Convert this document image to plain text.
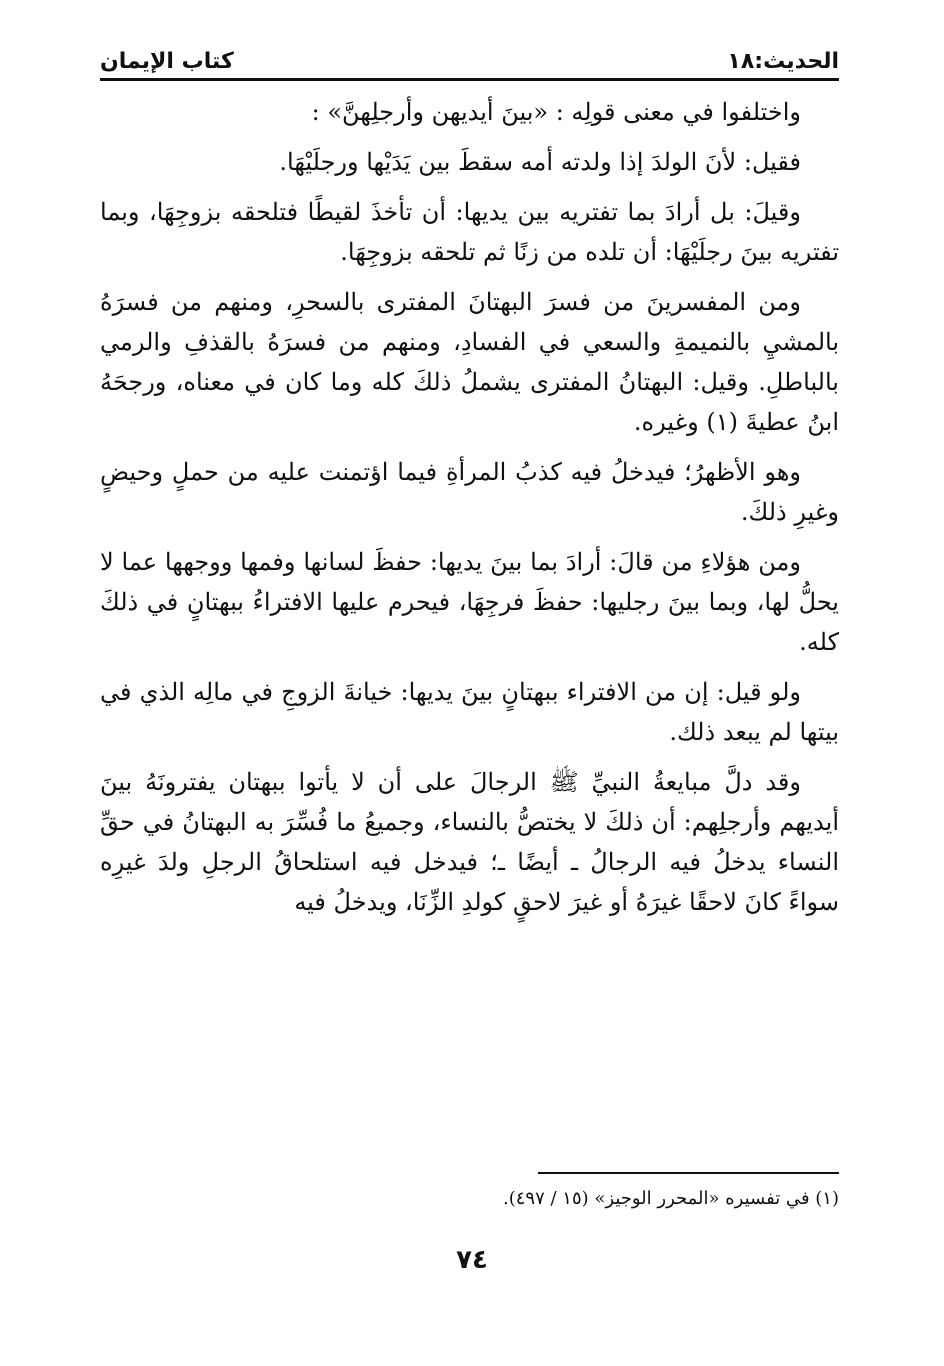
الحديث:١٨
كتاب الإيمان

واختلفوا في معنى قولِه : «بينَ أيديهن وأرجلِهنَّ» :

فقيل: لأنَ الولدَ إذا ولدته أمه سقطَ بين يَدَيْها ورجلَيْهَا.

وقيلَ: بل أرادَ بما تفتريه بين يديها: أن تأخذَ لقيطًا فتلحقه بزوجِهَا، وبما تفتريه بينَ رجلَيْهَا: أن تلده من زنًا ثم تلحقه بزوجِهَا.

ومن المفسرينَ من فسرَ البهتانَ المفترى بالسحرِ، ومنهم من فسرَهُ بالمشيِ بالنميمةِ والسعي في الفسادِ، ومنهم من فسرَهُ بالقذفِ والرمي بالباطلِ. وقيل: البهتانُ المفترى يشملُ ذلكَ كله وما كان في معناه، ورجحَهُ ابنُ عطيةَ (١) وغيره.

وهو الأظهرُ؛ فيدخلُ فيه كذبُ المرأةِ فيما اؤتمنت عليه من حملٍ وحيضٍ وغيرِ ذلكَ.

ومن هؤلاءِ من قالَ: أرادَ بما بينَ يديها: حفظَ لسانها وفمها ووجهها عما لا يحلُّ لها، وبما بينَ رجليها: حفظَ فرجِهَا، فيحرم عليها الافتراءُ ببهتانٍ في ذلكَ كله.

ولو قيل: إن من الافتراء ببهتانٍ بينَ يديها: خيانةَ الزوجِ في مالِه الذي في بيتها لم يبعد ذلك.

وقد دلَّ مبايعةُ النبيِّ ﷺ الرجالَ على أن لا يأتوا ببهتان يفترونَهُ بينَ أيديهم وأرجلِهم: أن ذلكَ لا يختصُّ بالنساء، وجميعُ ما فُسِّرَ به البهتانُ في حقِّ النساء يدخلُ فيه الرجالُ ـ أيضًا ـ؛ فيدخل فيه استلحاقُ الرجلِ ولدَ غيرِه سواءً كانَ لاحقًا غيرَهُ أو غيرَ لاحقٍ كولدِ الزِّنَا، ويدخلُ فيه

(١) في تفسيره «المحرر الوجيز» (١٥ / ٤٩٧).

٧٤
